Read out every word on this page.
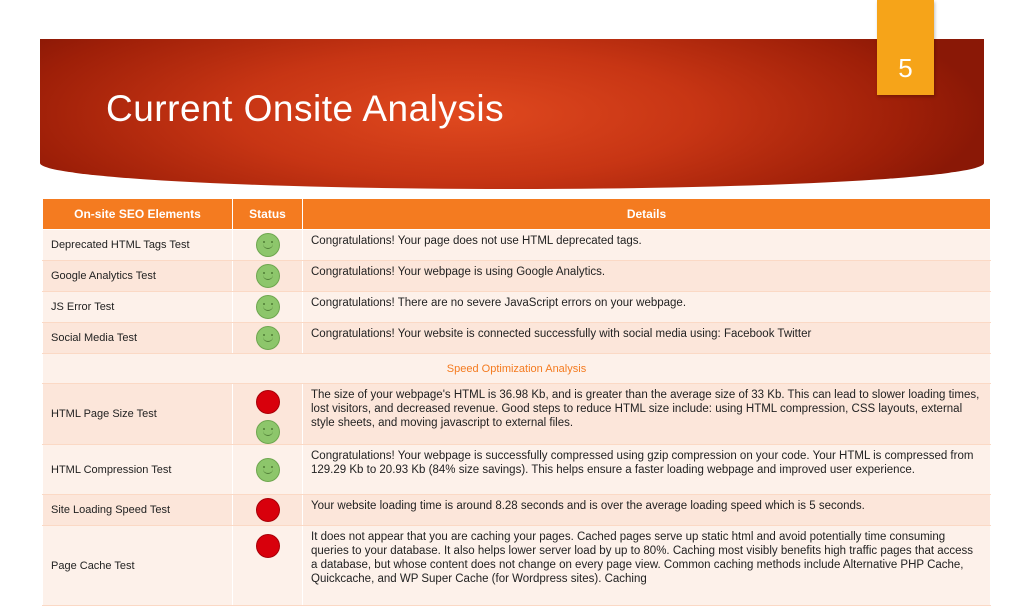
Current Onsite Analysis
5
On-site SEO Elements	Status	Details
Deprecated HTML Tags Test		Congratulations! Your page does not use HTML deprecated tags.
Google Analytics Test		Congratulations! Your webpage is using Google Analytics.
JS Error Test		Congratulations! There are no severe JavaScript errors on your webpage.
Social Media Test		Congratulations! Your website is connected successfully with social media using: Facebook Twitter
Speed Optimization Analysis		
HTML Page Size Test		The size of your webpage's HTML is 36.98 Kb, and is greater than the average size of 33 Kb. This can lead to slower loading times, lost visitors, and decreased revenue. Good steps to reduce HTML size include: using HTML compression, CSS layouts, external style sheets, and moving javascript to external files.
HTML Compression Test		Congratulations! Your webpage is successfully compressed using gzip compression on your code. Your HTML is compressed from 129.29 Kb to 20.93 Kb (84% size savings). This helps ensure a faster loading webpage and improved user experience.
Site Loading Speed Test		Your website loading time is around 8.28 seconds and is over the average loading speed which is 5 seconds.
Page Cache Test		It does not appear that you are caching your pages. Cached pages serve up static html and avoid potentially time consuming queries to your database. It also helps lower server load by up to 80%. Caching most visibly benefits high traffic pages that access a database, but whose content does not change on every page view. Common caching methods include Alternative PHP Cache, Quickcache, and WP Super Cache (for Wordpress sites). Caching
